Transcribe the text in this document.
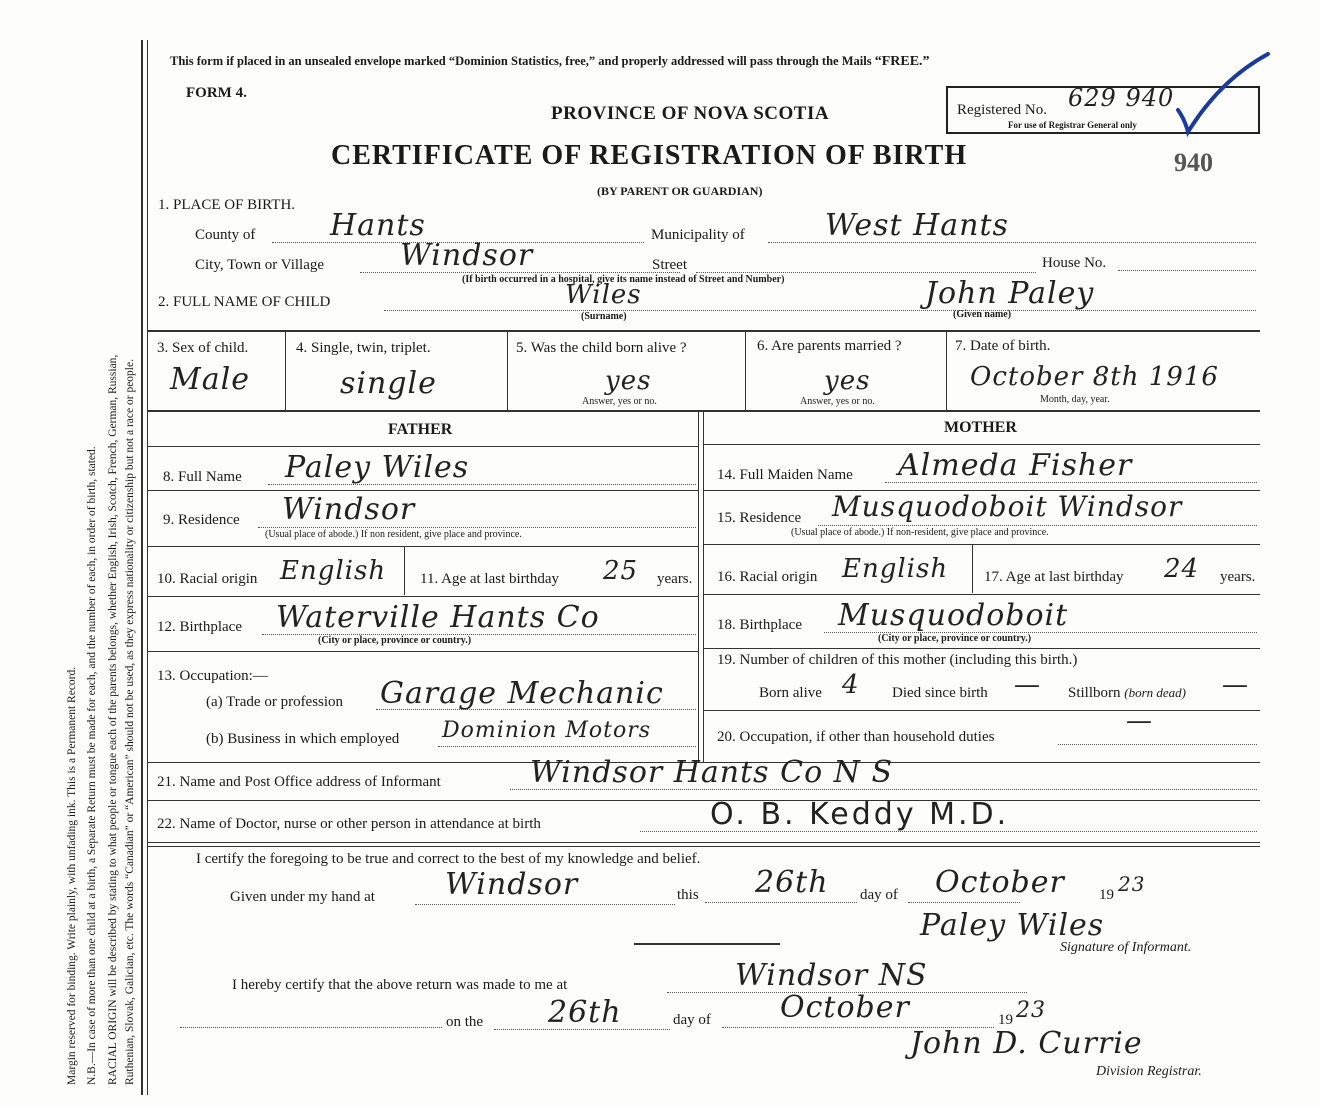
Margin reserved for binding. Write plainly, with unfading ink. This is a Permanent Record. N.B.—In case of more than one child at a birth, a Separate Return must be made for each, and the number of each, in order of birth, stated. RACIAL ORIGIN will be described by stating to what people or tongue each of the parents belongs, whether English, Irish, Scotch, French, German, Russian, Ruthenian, Slovak, Galician, etc. The words “Canadian” or “American” should not be used, as they express nationality or citizenship but not a race or people.
This form if placed in an unsealed envelope marked “Dominion Statistics, free,” and properly addressed will pass through the Mails “FREE.”
FORM 4.
PROVINCE OF NOVA SCOTIA
CERTIFICATE OF REGISTRATION OF BIRTH
(BY PARENT OR GUARDIAN)
Registered No.
For use of Registrar General only
629 940
940
1. PLACE OF BIRTH.
County of Hants	Municipality of	West Hants
City, Town or Village	Windsor	Street	House No.
(If birth occurred in a hospital, give its name instead of Street and Number)
2. FULL NAME OF CHILD	Wiles
(Surname)
John Paley
(Given name)
3. Sex of child.
Male
4. Single, twin, triplet.
single
5. Was the child born alive ?
yes
Answer, yes or no.
6. Are parents married ?
yes
Answer, yes or no.
7. Date of birth.
October 8th 1916
Month, day, year.
FATHER	MOTHER
8. Full Name Paley Wiles
9. Residence Windsor
(Usual place of abode.) If non resident, give place and province.
10. Racial origin English 11. Age at last birthday 25 years.
12. Birthplace Waterville Hants Co
(City or place, province or country.)
13. Occupation:—
(a) Trade or profession Garage Mechanic
(b) Business in which employed Dominion Motors
14. Full Maiden Name Almeda Fisher
15. Residence Musquodoboit Windsor
(Usual place of abode.) If non-resident, give place and province.
16. Racial origin English 17. Age at last birthday 24 years.
18. Birthplace Musquodoboit
(City or place, province or country.)
19. Number of children of this mother (including this birth.)
Born alive 4 Died since birth — Stillborn (born dead) —
20. Occupation, if other than household duties
—
21. Name and Post Office address of Informant	Windsor Hants Co N S
22. Name of Doctor, nurse or other person in attendance at birth	O. B. Keddy M.D.
I certify the foregoing to be true and correct to the best of my knowledge and belief.
Given under my hand at Windsor	this 26th day of October 19 23
Paley Wiles
Signature of Informant.
I hereby certify that the above return was made to me at	Windsor NS
on the 26th	day of October	19 23
John D. Currie
Division Registrar.
